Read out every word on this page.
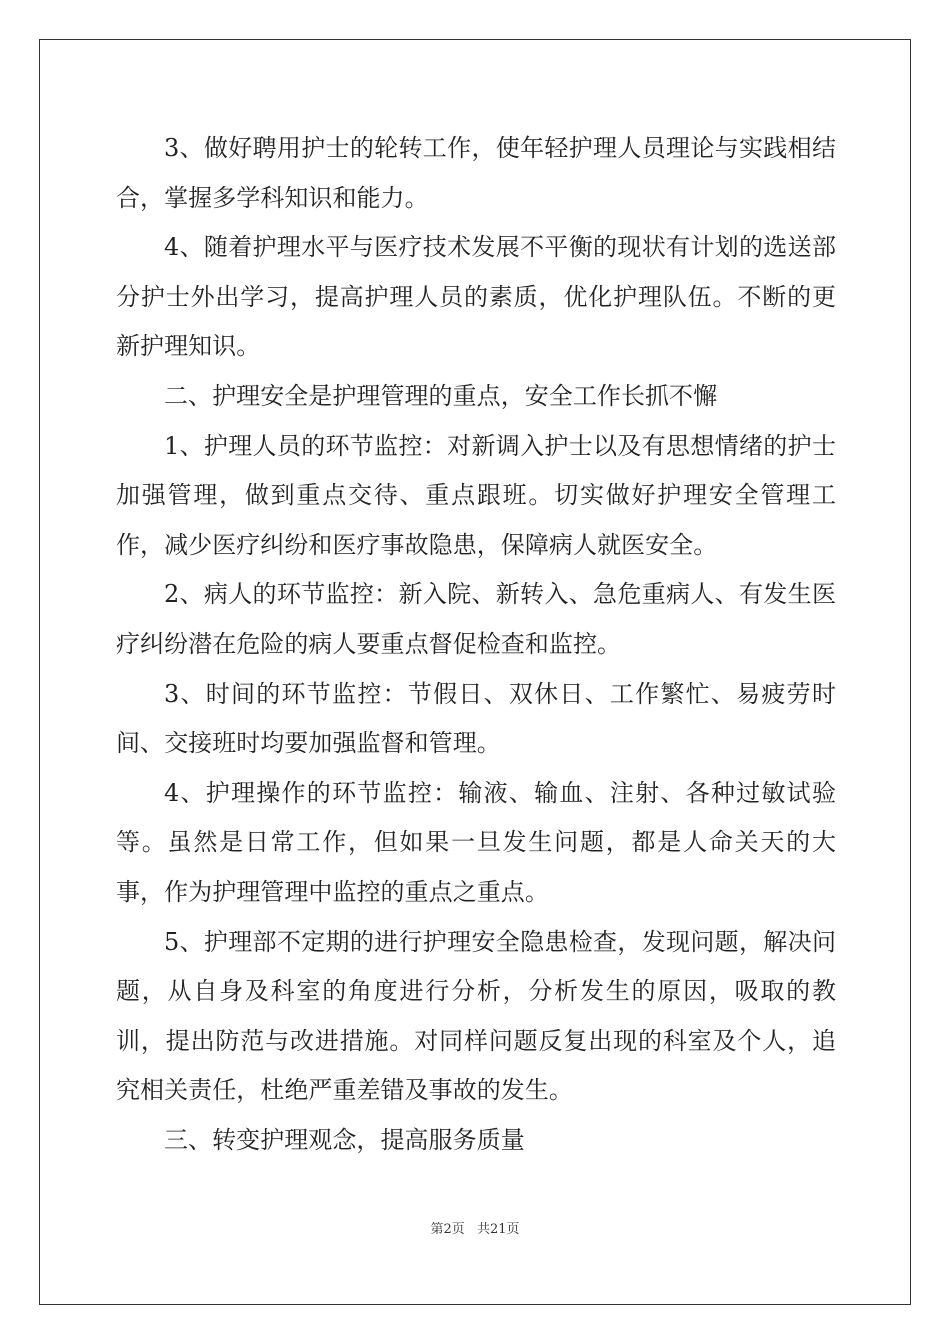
3、做好聘用护士的轮转工作，使年轻护理人员理论与实践相结合，掌握多学科知识和能力。

4、随着护理水平与医疗技术发展不平衡的现状有计划的选送部分护士外出学习，提高护理人员的素质，优化护理队伍。不断的更新护理知识。

二、护理安全是护理管理的重点，安全工作长抓不懈

1、护理人员的环节监控：对新调入护士以及有思想情绪的护士加强管理，做到重点交待、重点跟班。切实做好护理安全管理工作，减少医疗纠纷和医疗事故隐患，保障病人就医安全。

2、病人的环节监控：新入院、新转入、急危重病人、有发生医疗纠纷潜在危险的病人要重点督促检查和监控。

3、时间的环节监控：节假日、双休日、工作繁忙、易疲劳时间、交接班时均要加强监督和管理。

4、护理操作的环节监控：输液、输血、注射、各种过敏试验等。虽然是日常工作，但如果一旦发生问题，都是人命关天的大事，作为护理管理中监控的重点之重点。

5、护理部不定期的进行护理安全隐患检查，发现问题，解决问题，从自身及科室的角度进行分析，分析发生的原因，吸取的教训，提出防范与改进措施。对同样问题反复出现的科室及个人，追究相关责任，杜绝严重差错及事故的发生。

三、转变护理观念，提高服务质量

第2页 共21页
